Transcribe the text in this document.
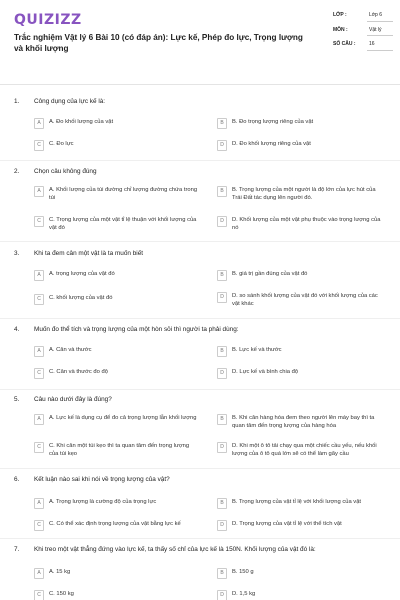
QUIZIZZ
Trắc nghiệm Vật lý 6 Bài 10 (có đáp án): Lực kế, Phép đo lực, Trọng lượng và khối lượng
LỚP :	Lớp 6
MÔN :	Vật lý
SỐ CÂU :	16
1.	Công dụng của lực kế là:
A	A. Đo khối lượng của vật	B	B. Đo trọng lượng riêng của vật
C	C. Đo lực	D	D. Đo khối lượng riêng của vật
2.	Chọn câu không đúng
A	A. Khối lượng của túi đường chỉ lượng đường chứa trong túi
B	B. Trọng lượng của một người là độ lớn của lực hút của Trái Đất tác dụng lên người đó.
C	C. Trọng lượng của một vật tỉ lệ thuận với khối lượng của vật đó
D	D. Khối lượng của một vật phụ thuộc vào trọng lượng của nó
3.	Khi ta đem cân một vật là ta muốn biết
A	A. trọng lượng của vật đó	B	B. giá trị gần đúng của vật đó
C	C. khối lượng của vật đó	D	D. so sánh khối lượng của vật đó với khối lượng của các vật khác
4.	Muốn đo thể tích và trọng lượng của một hòn sỏi thì người ta phải dùng:
A	A. Cân và thước	B	B. Lực kế và thước
C	C. Cân và thước đo độ	D	D. Lực kế và bình chia độ
5.	Câu nào dưới đây là đúng?
A	A. Lực kế là dụng cụ để đo cả trọng lượng lẫn khối lượng	B	B. Khi cân hàng hóa đem theo người lên máy bay thì ta quan tâm đến trọng lượng của hàng hóa
C	C. Khi cân một túi kẹo thì ta quan tâm đến trọng lượng của túi kẹo
D	D. Khi một ô tô tải chạy qua một chiếc cầu yếu, nếu khối lượng của ô tô quá lớn sẽ có thể làm gãy cầu
6.	Kết luận nào sai khi nói về trọng lượng của vật?
A	A. Trọng lượng là cường độ của trọng lực	B	B. Trọng lượng của vật tỉ lệ với khối lượng của vật
C	C. Có thể xác định trọng lượng của vật bằng lực kế	D	D. Trọng lượng của vật tỉ lệ với thể tích vật
7.	Khi treo một vật thẳng đứng vào lực kế, ta thấy số chỉ của lực kế là 150N. Khối lượng của vật đó là:
A	A. 15 kg	B	B. 150 g
C	C. 150 kg	D	D. 1,5 kg
